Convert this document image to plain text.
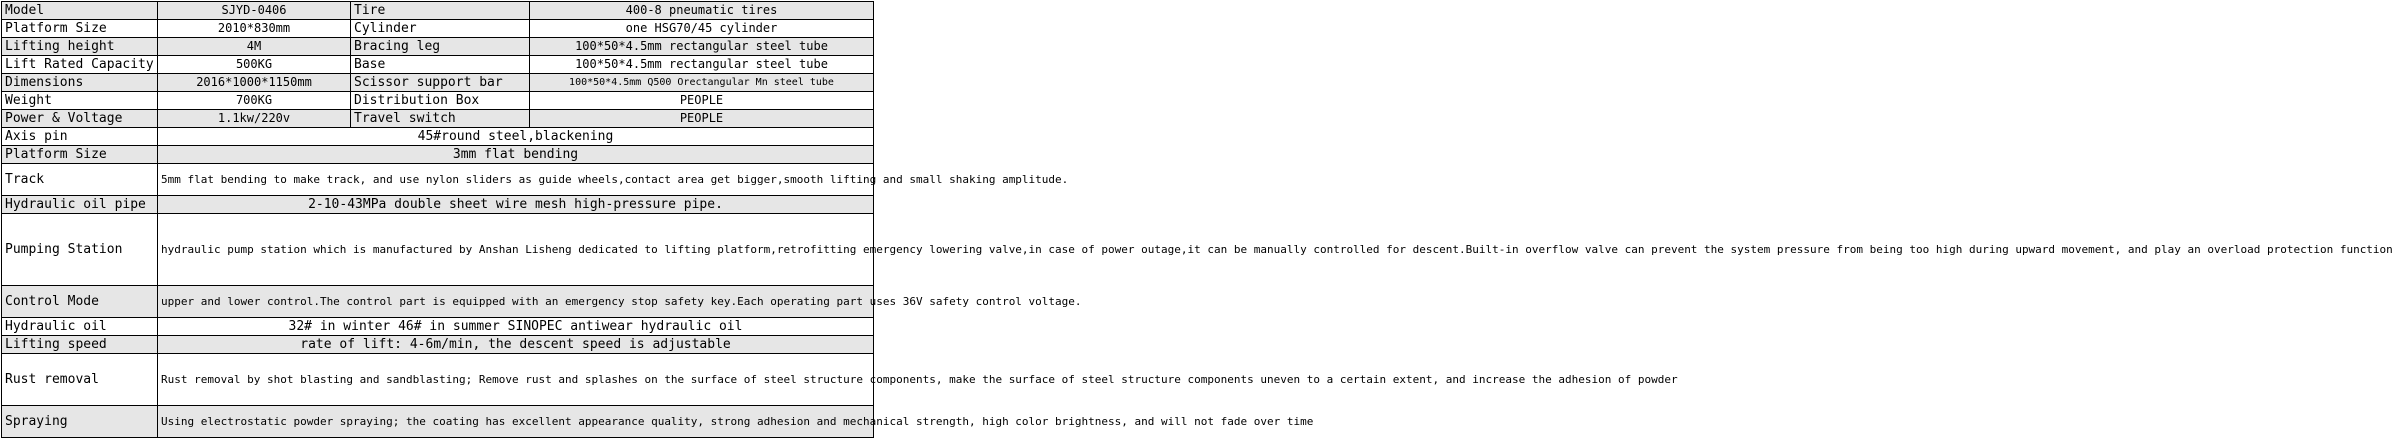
Model	SJYD-0406	Tire	400-8 pneumatic tires
Platform Size	2010*830mm	Cylinder	one HSG70/45 cylinder
Lifting height	4M	Bracing leg	100*50*4.5mm rectangular steel tube
Lift Rated Capacity	500KG	Base	100*50*4.5mm rectangular steel tube
Dimensions	2016*1000*1150mm	Scissor support bar	100*50*4.5mm Q500 Orectangular Mn steel tube
Weight	700KG	Distribution Box	PEOPLE
Power & Voltage	1.1kw/220v	Travel switch	PEOPLE
Axis pin	45#round steel,blackening		
Platform Size	3mm flat bending		
Track	5mm flat bending to make track, and use nylon sliders as guide wheels,contact area get bigger,smooth lifting and small shaking amplitude.		
Hydraulic oil pipe	2-10-43MPa double sheet wire mesh high-pressure pipe.		
Pumping Station	hydraulic pump station which is manufactured by Anshan Lisheng dedicated to lifting platform,retrofitting emergency lowering valve,in case of power outage,it can be manually controlled for descent.Built-in overflow valve can prevent the system pressure from being too high during upward movement, and play an overload protection function		
Control Mode	upper and lower control.The control part is equipped with an emergency stop safety key.Each operating part uses 36V safety control voltage.		
Hydraulic oil	32# in winter 46# in summer SINOPEC antiwear hydraulic oil		
Lifting speed	rate of lift: 4-6m/min, the descent speed is adjustable		
Rust removal	Rust removal by shot blasting and sandblasting; Remove rust and splashes on the surface of steel structure components, make the surface of steel structure components uneven to a certain extent, and increase the adhesion of powder		
Spraying	Using electrostatic powder spraying; the coating has excellent appearance quality, strong adhesion and mechanical strength, high color brightness, and will not fade over time		
